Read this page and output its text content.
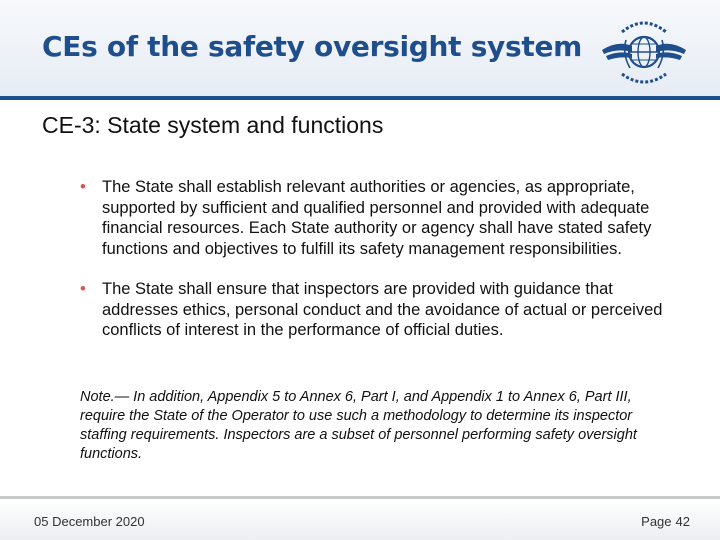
CEs of the safety oversight system
CE-3: State system and functions
• The State shall establish relevant authorities or agencies, as appropriate, supported by sufficient and qualified personnel and provided with adequate financial resources. Each State authority or agency shall have stated safety functions and objectives to fulfill its safety management responsibilities.
• The State shall ensure that inspectors are provided with guidance that addresses ethics, personal conduct and the avoidance of actual or perceived conflicts of interest in the performance of official duties.
Note.— In addition, Appendix 5 to Annex 6, Part I, and Appendix 1 to Annex 6, Part III, require the State of the Operator to use such a methodology to determine its inspector staffing requirements. Inspectors are a subset of personnel performing safety oversight functions.
05 December 2020	Page 42
